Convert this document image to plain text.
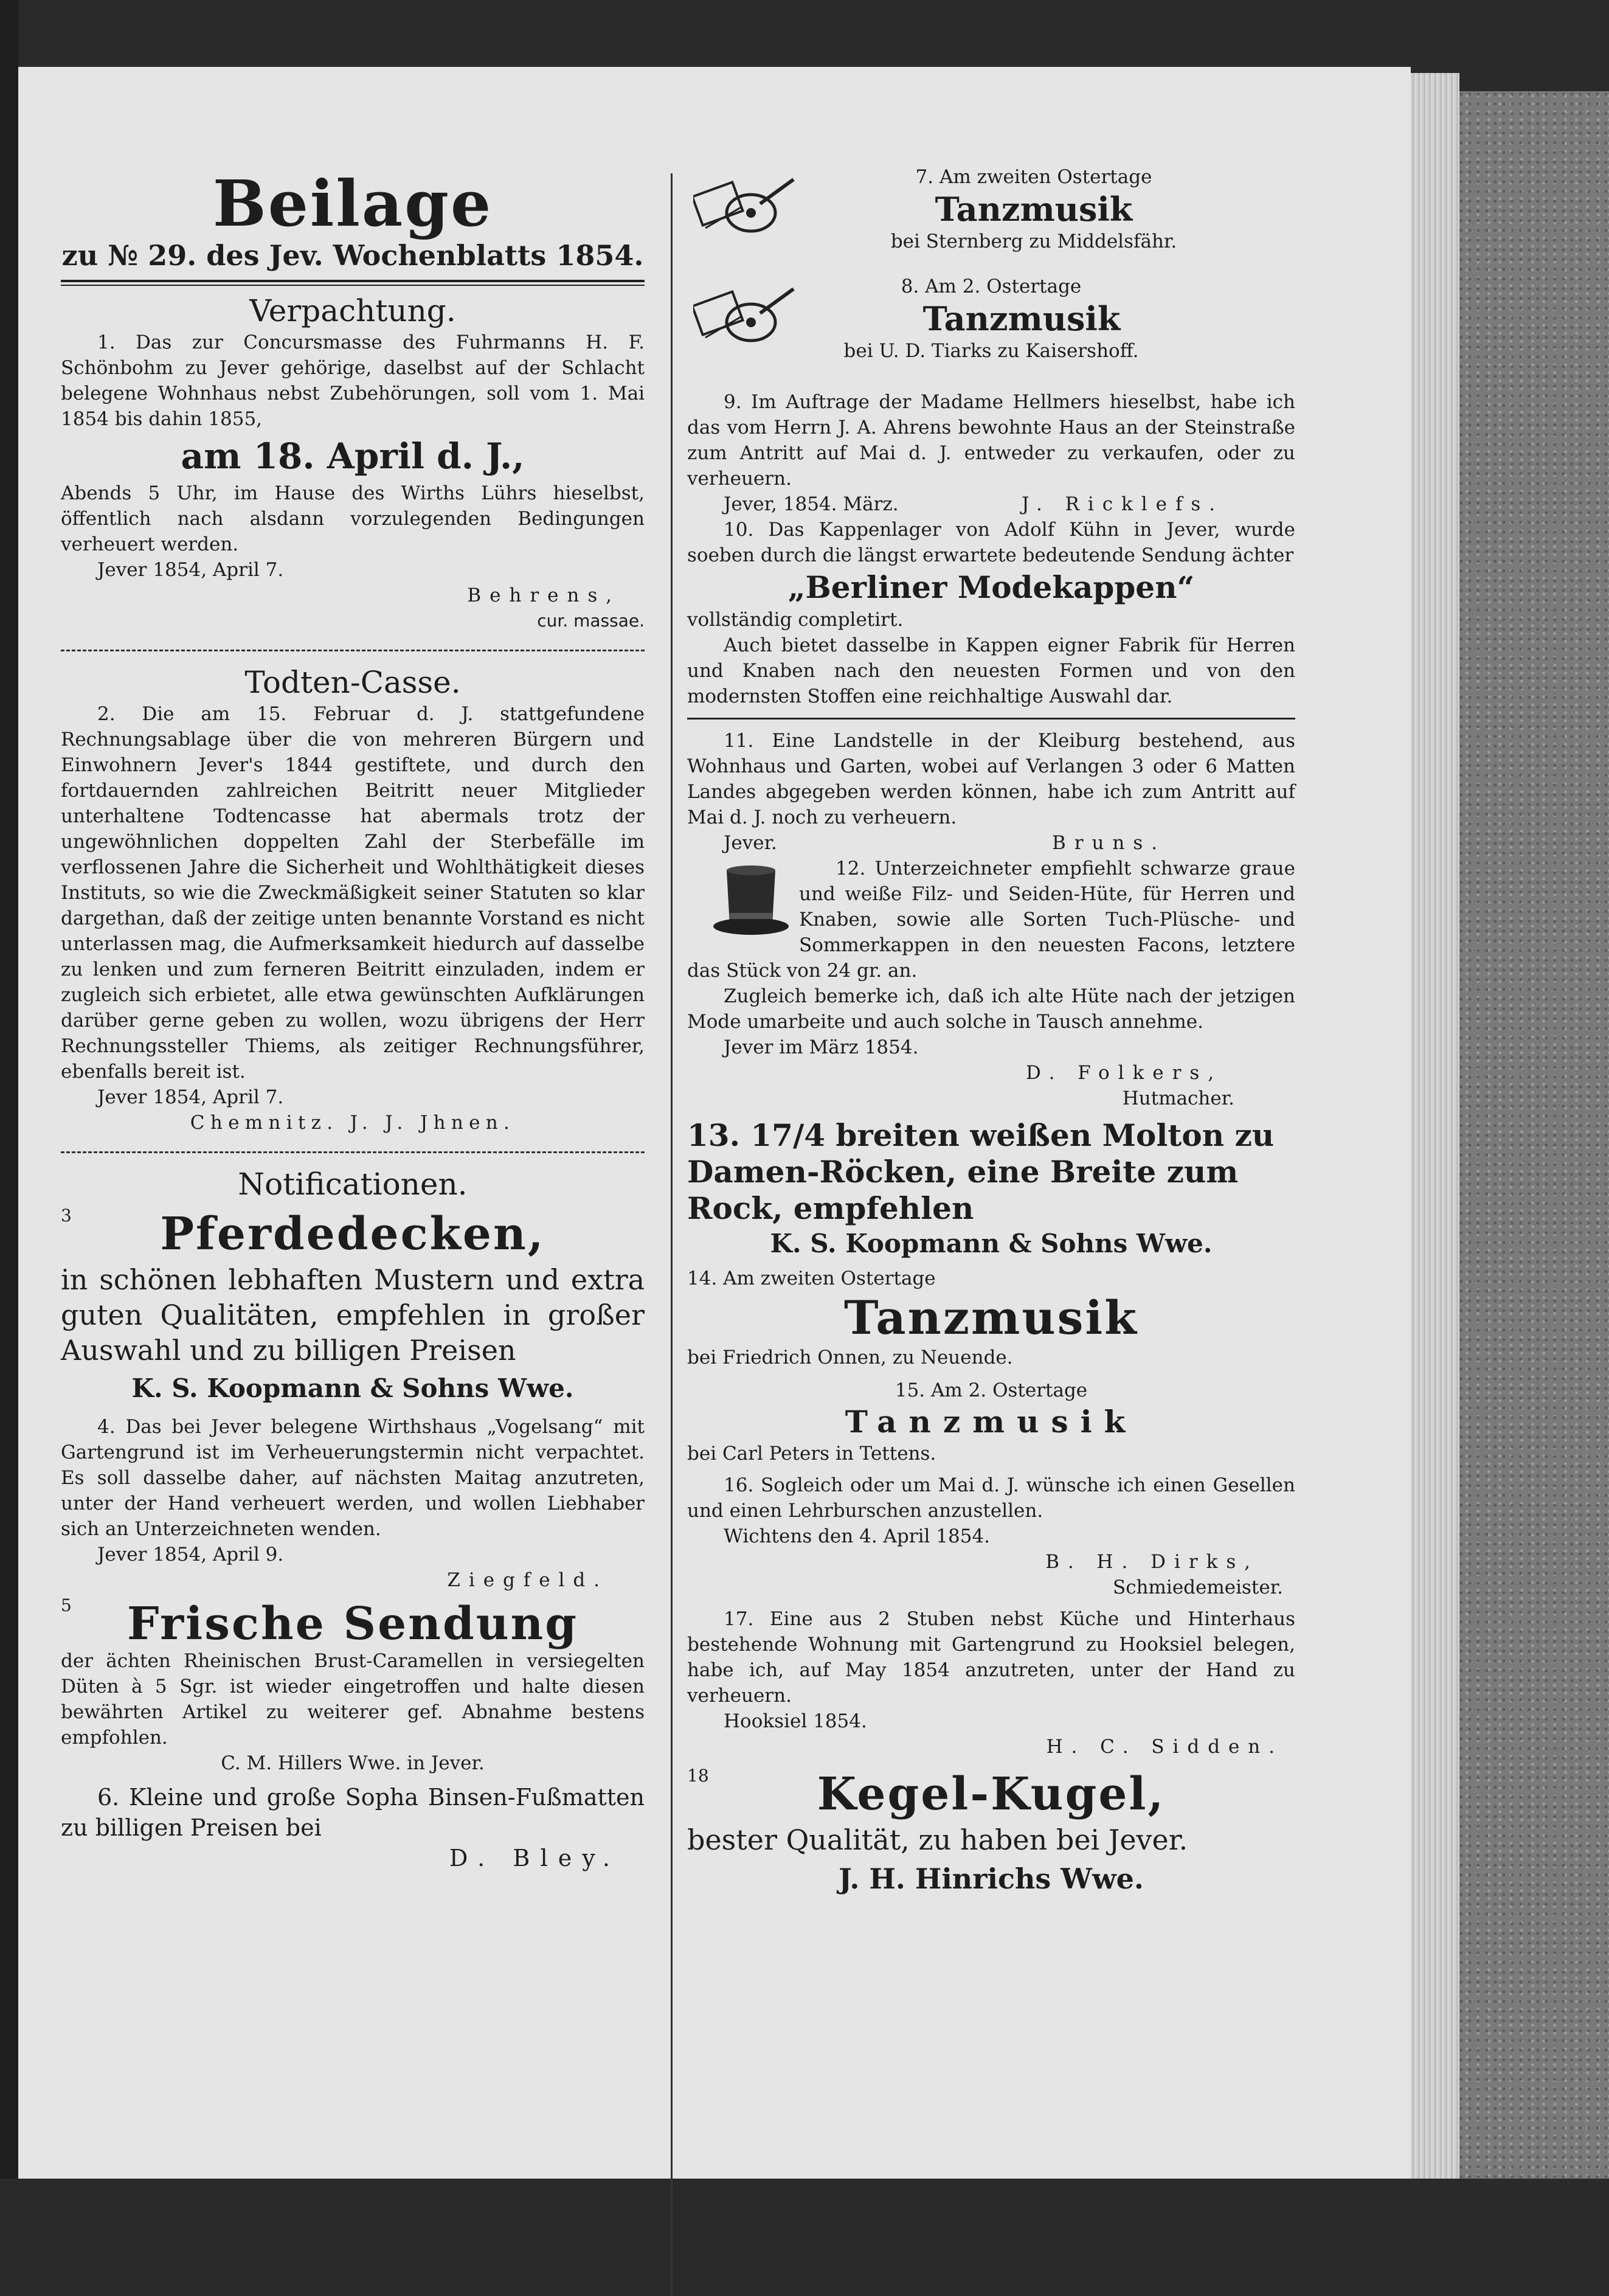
Beilage
zu № 29. des Jev. Wochenblatts 1854.
Verpachtung.

1. Das zur Concursmasse des Fuhrmanns H. F. Schönbohm zu Jever gehörige, daselbst auf der Schlacht belegene Wohnhaus nebst Zubehörungen, soll vom 1. Mai 1854 bis dahin 1855,

am 18. April d. J.,

Abends 5 Uhr, im Hause des Wirths Lührs hieselbst, öffentlich nach alsdann vorzulegenden Bedingungen verheuert werden.

Jever 1854, April 7.

Behrens,

cur. massae.

Todten-Casse.

2. Die am 15. Februar d. J. stattgefundene Rechnungsablage über die von mehreren Bürgern und Einwohnern Jever's 1844 gestiftete, und durch den fortdauernden zahlreichen Beitritt neuer Mitglieder unterhaltene Todtencasse hat abermals trotz der ungewöhnlichen doppelten Zahl der Sterbefälle im verflossenen Jahre die Sicherheit und Wohlthätigkeit dieses Instituts, so wie die Zweckmäßigkeit seiner Statuten so klar dargethan, daß der zeitige unten benannte Vorstand es nicht unterlassen mag, die Aufmerksamkeit hiedurch auf dasselbe zu lenken und zum ferneren Beitritt einzuladen, indem er zugleich sich erbietet, alle etwa gewünschten Aufklärungen darüber gerne geben zu wollen, wozu übrigens der Herr Rechnungssteller Thiems, als zeitiger Rechnungsführer, ebenfalls bereit ist.

Jever 1854, April 7.

Chemnitz. J. J. Jhnen.

Notificationen.
3	Pferdedecken,

in schönen lebhaften Mustern und extra guten Qualitäten, empfehlen in großer Auswahl und zu billigen Preisen

K. S. Koopmann & Sohns Wwe.

4. Das bei Jever belegene Wirthshaus „Vogelsang“ mit Gartengrund ist im Verheuerungstermin nicht verpachtet. Es soll dasselbe daher, auf nächsten Maitag anzutreten, unter der Hand verheuert werden, und wollen Liebhaber sich an Unterzeichneten wenden.

Jever 1854, April 9.

Ziegfeld.

5	Frische Sendung

der ächten Rheinischen Brust-Caramellen in versiegelten Düten à 5 Sgr. ist wieder eingetroffen und halte diesen bewährten Artikel zu weiterer gef. Abnahme bestens empfohlen.

C. M. Hillers Wwe. in Jever.

6. Kleine und große Sopha Binsen-Fußmatten zu billigen Preisen bei

D. Bley.

7. Am zweiten Ostertage

Tanzmusik

bei Sternberg zu Middelsfähr.

8. Am 2. Ostertage

Tanzmusik

bei U. D. Tiarks zu Kaisershoff.

9. Im Auftrage der Madame Hellmers hieselbst, habe ich das vom Herrn J. A. Ahrens bewohnte Haus an der Steinstraße zum Antritt auf Mai d. J. entweder zu verkaufen, oder zu verheuern.

Jever, 1854. März.	J. Ricklefs.

10. Das Kappenlager von Adolf Kühn in Jever, wurde soeben durch die längst erwartete bedeutende Sendung ächter

„Berliner Modekappen“

vollständig completirt.

Auch bietet dasselbe in Kappen eigner Fabrik für Herren und Knaben nach den neuesten Formen und von den modernsten Stoffen eine reichhaltige Auswahl dar.

11. Eine Landstelle in der Kleiburg bestehend, aus Wohnhaus und Garten, wobei auf Verlangen 3 oder 6 Matten Landes abgegeben werden können, habe ich zum Antritt auf Mai d. J. noch zu verheuern.

Jever.	Bruns.

12. Unterzeichneter empfiehlt schwarze graue und weiße Filz- und Seiden-Hüte, für Herren und Knaben, sowie alle Sorten Tuch-Plüsche- und Sommerkappen in den neuesten Facons, letztere das Stück von 24 gr. an.

Zugleich bemerke ich, daß ich alte Hüte nach der jetzigen Mode umarbeite und auch solche in Tausch annehme.

Jever im März 1854.

D. Folkers,

Hutmacher.

13. 17/4 breiten weißen Molton zu Damen-Röcken, eine Breite zum Rock, empfehlen

K. S. Koopmann & Sohns Wwe.

14. Am zweiten Ostertage

Tanzmusik

bei Friedrich Onnen, zu Neuende.

15. Am 2. Ostertage

Tanzmusik

bei Carl Peters in Tettens.

16. Sogleich oder um Mai d. J. wünsche ich einen Gesellen und einen Lehrburschen anzustellen.

Wichtens den 4. April 1854.

B. H. Dirks,

Schmiedemeister.

17. Eine aus 2 Stuben nebst Küche und Hinterhaus bestehende Wohnung mit Gartengrund zu Hooksiel belegen, habe ich, auf May 1854 anzutreten, unter der Hand zu verheuern.

Hooksiel 1854.

H. C. Sidden.

18	Kegel-Kugel,

bester Qualität, zu haben bei Jever.

J. H. Hinrichs Wwe.
